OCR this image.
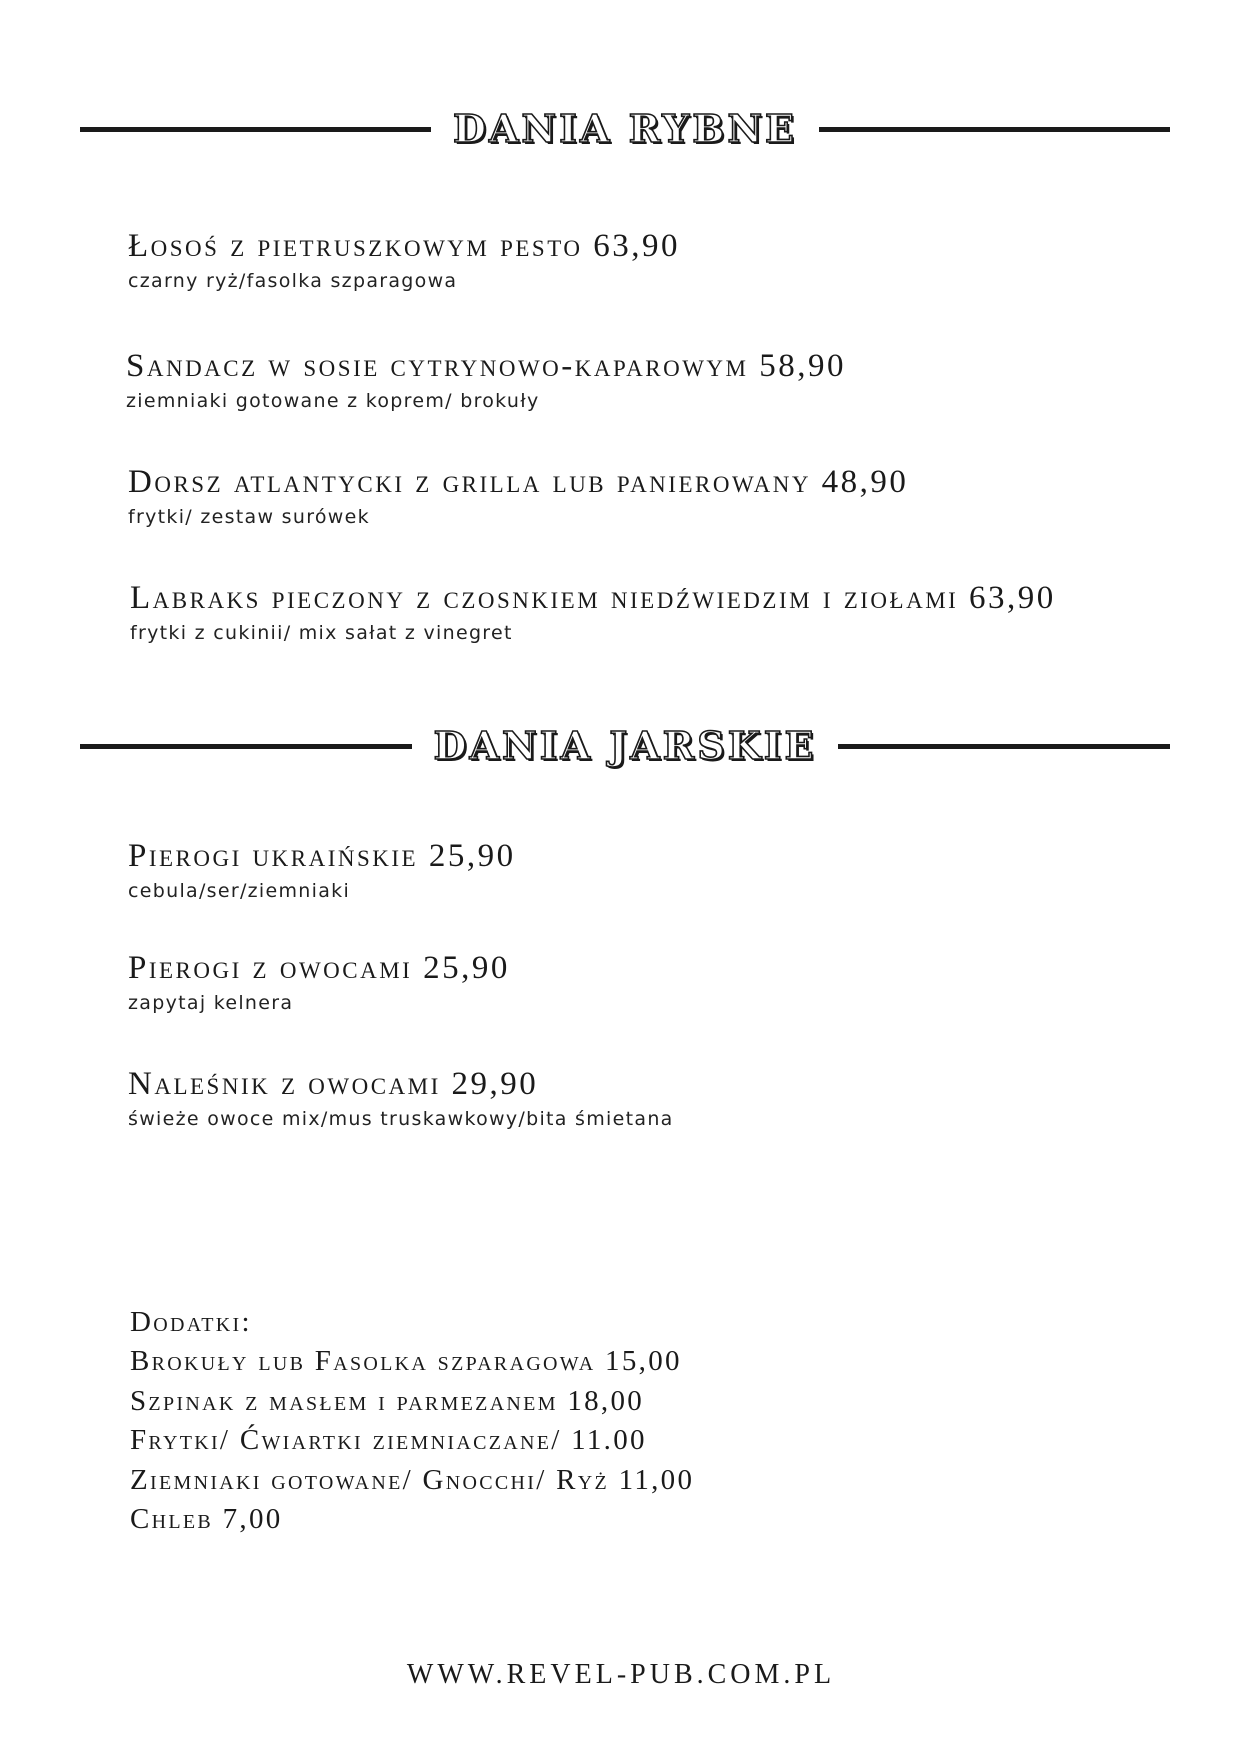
DANIA RYBNE
Łosoś z pietruszkowym pesto 63,90
czarny ryż/fasolka szparagowa
Sandacz w sosie cytrynowo-kaparowym 58,90
ziemniaki gotowane z koprem/ brokuły
Dorsz atlantycki z grilla lub panierowany 48,90
frytki/ zestaw surówek
Labraks pieczony z czosnkiem niedźwiedzim i ziołami 63,90
frytki z cukinii/ mix sałat z vinegret
DANIA JARSKIE
Pierogi ukraińskie 25,90
cebula/ser/ziemniaki
Pierogi z owocami 25,90
zapytaj kelnera
Naleśnik z owocami 29,90
świeże owoce mix/mus truskawkowy/bita śmietana
Dodatki:
Brokuły lub Fasolka szparagowa 15,00
Szpinak z masłem i parmezanem 18,00
Frytki/ Ćwiartki ziemniaczane/ 11.00
Ziemniaki gotowane/ Gnocchi/ Ryż 11,00
Chleb 7,00
WWW.REVEL-PUB.COM.PL
